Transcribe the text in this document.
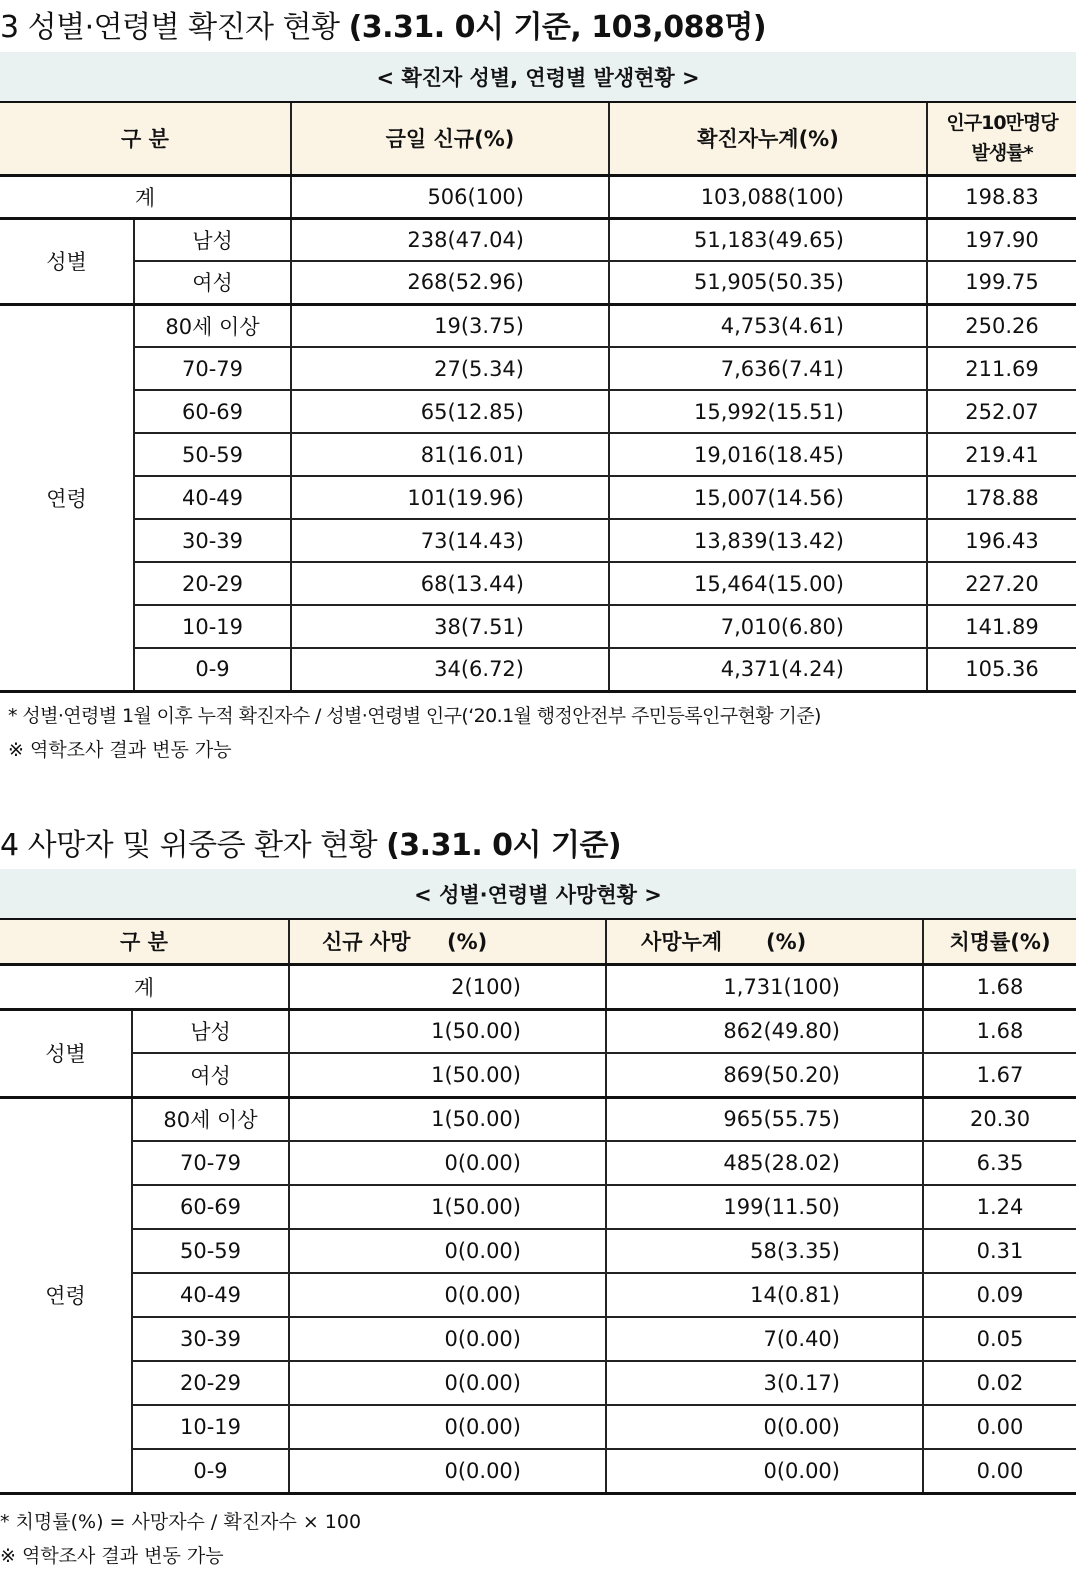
3 성별·연령별 확진자 현황 (3.31. 0시 기준, 103,088명)
< 확진자 성별, 연령별 발생현황 >				
구 분		금일 신규(%)	확진자누계(%)	인구10만명당
발생률*

계		506(100)	103,088(100)	198.83
성별	남성	238(47.04)	51,183(49.65)	197.90
	여성	268(52.96)	51,905(50.35)	199.75
연령	80세 이상	19(3.75)	4,753(4.61)	250.26
	70-79	27(5.34)	7,636(7.41)	211.69
	60-69	65(12.85)	15,992(15.51)	252.07
	50-59	81(16.01)	19,016(18.45)	219.41
	40-49	101(19.96)	15,007(14.56)	178.88
	30-39	73(14.43)	13,839(13.42)	196.43
	20-29	68(13.44)	15,464(15.00)	227.20
	10-19	38(7.51)	7,010(6.80)	141.89
	0-9	34(6.72)	4,371(4.24)	105.36
* 성별·연령별 1월 이후 누적 확진자수 / 성별·연령별 인구(‘20.1월 행정안전부 주민등록인구현황 기준)
※ 역학조사 결과 변동 가능
4 사망자 및 위중증 환자 현황 (3.31. 0시 기준)
< 성별·연령별 사망현황 >				
구 분		신규 사망     (%)	사망누계      (%)	치명률(%)
계		2(100)	1,731(100)	1.68
성별	남성	1(50.00)	862(49.80)	1.68
	여성	1(50.00)	869(50.20)	1.67
연령	80세 이상	1(50.00)	965(55.75)	20.30
	70-79	0(0.00)	485(28.02)	6.35
	60-69	1(50.00)	199(11.50)	1.24
	50-59	0(0.00)	58(3.35)	0.31
	40-49	0(0.00)	14(0.81)	0.09
	30-39	0(0.00)	7(0.40)	0.05
	20-29	0(0.00)	3(0.17)	0.02
	10-19	0(0.00)	0(0.00)	0.00
	0-9	0(0.00)	0(0.00)	0.00
* 치명률(%) = 사망자수 / 확진자수 × 100
※ 역학조사 결과 변동 가능
